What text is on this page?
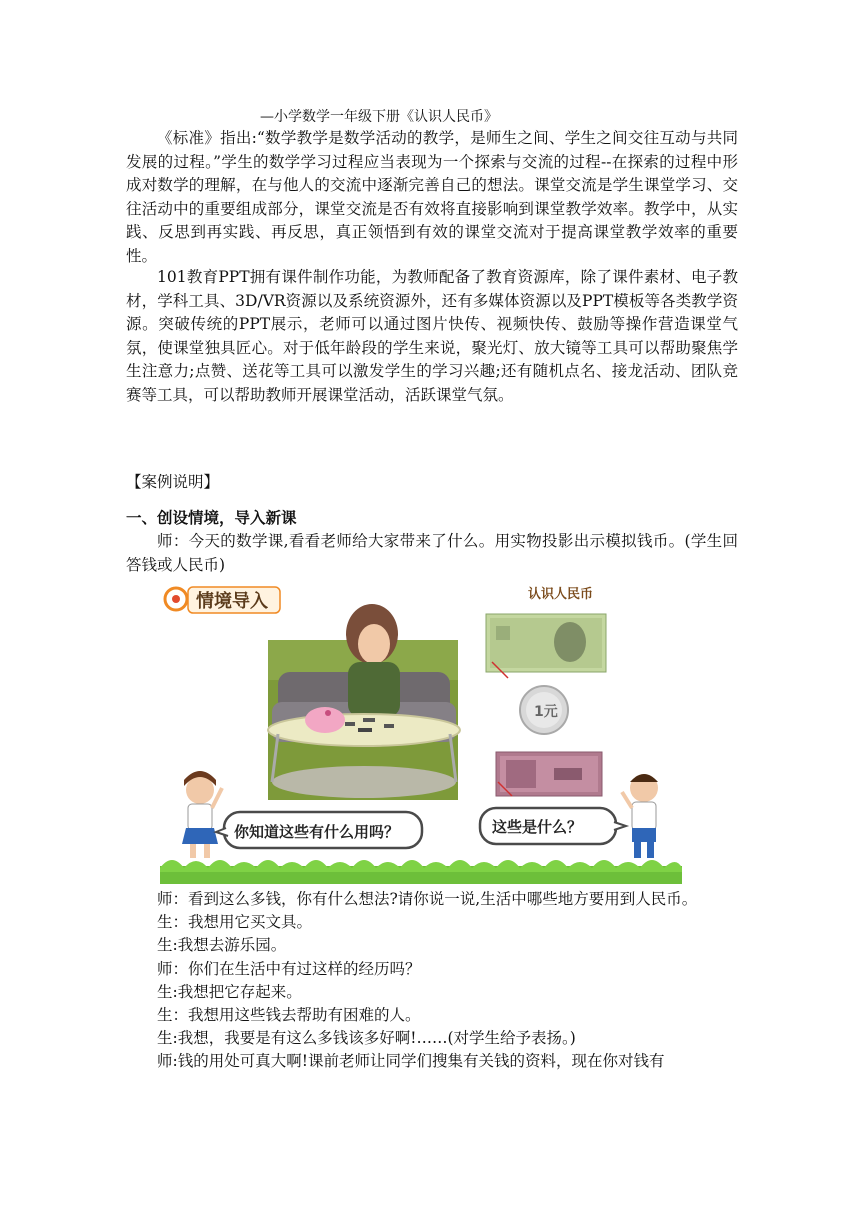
—小学数学一年级下册《认识人民币》

《标准》指出:“数学教学是数学活动的教学，是师生之间、学生之间交往互动与共同发展的过程。”学生的数学学习过程应当表现为一个探索与交流的过程--在探索的过程中形成对数学的理解，在与他人的交流中逐渐完善自己的想法。课堂交流是学生课堂学习、交往活动中的重要组成部分，课堂交流是否有效将直接影响到课堂教学效率。教学中，从实践、反思到再实践、再反思，真正领悟到有效的课堂交流对于提高课堂教学效率的重要性。

101教育PPT拥有课件制作功能，为教师配备了教育资源库，除了课件素材、电子教材，学科工具、3D/VR资源以及系统资源外，还有多媒体资源以及PPT模板等各类教学资源。突破传统的PPT展示，老师可以通过图片快传、视频快传、鼓励等操作营造课堂气氛，使课堂独具匠心。对于低年龄段的学生来说，聚光灯、放大镜等工具可以帮助聚焦学生注意力;点赞、送花等工具可以激发学生的学习兴趣;还有随机点名、接龙活动、团队竞赛等工具，可以帮助教师开展课堂活动，活跃课堂气氛。

【案例说明】
一、创设情境，导入新课

师：今天的数学课,看看老师给大家带来了什么。用实物投影出示模拟钱币。(学生回答钱或人民币)

情境导入	认识人民币
1元
你知道这些有什么用吗？	这些是什么？
师：看到这么多钱，你有什么想法?请你说一说,生活中哪些地方要用到人民币。
生：我想用它买文具。
生:我想去游乐园。
师：你们在生活中有过这样的经历吗？
生:我想把它存起来。
生：我想用这些钱去帮助有困难的人。
生:我想，我要是有这么多钱该多好啊!……(对学生给予表扬。)
师:钱的用处可真大啊!课前老师让同学们搜集有关钱的资料，现在你对钱有
